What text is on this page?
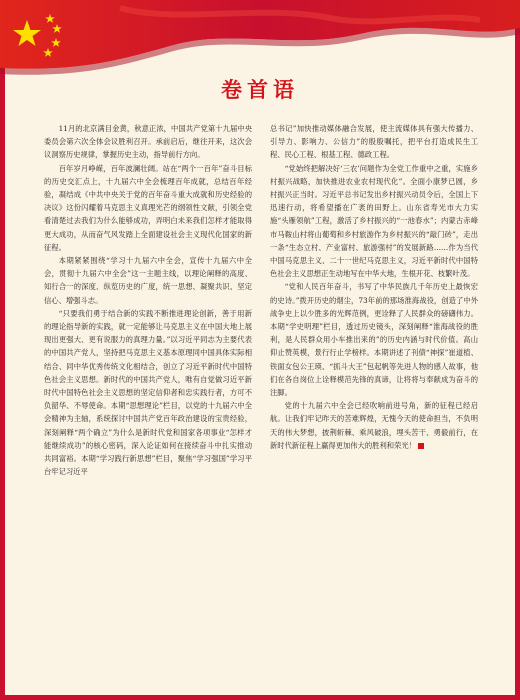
卷首语

11月的北京满目金黄，秋意正浓，中国共产党第十九届中央委员会第六次全体会议胜利召开。承前启后，继往开来，这次会议洞察历史规律，掌握历史主动，指导前行方向。

百年岁月峥嵘，百年波澜壮阔。站在“两个一百年”奋斗目标的历史交汇点上，十九届六中全会梳理百年成就，总结百年经验，凝结成《中共中央关于党的百年奋斗重大成就和历史经验的决议》这份闪耀着马克思主义真理光芒的纲领性文献，引领全党看清楚过去我们为什么能够成功，弄明白未来我们怎样才能取得更大成功，从而奋气风发踏上全面建设社会主义现代化国家的新征程。

本期紧紧围绕“学习十九届六中全会，宣传十九届六中全会，贯彻十九届六中全会”这一主题主线，以理论阐释的高度、知行合一的深度、纵览历史的广度，统一思想、凝聚共识、坚定信心、增强斗志。

“只要我们勇于结合新的实践不断推进理论创新，善于用新的理论指导新的实践，就一定能够让马克思主义在中国大地上展现出更强大、更有说服力的真理力量。”以习近平同志为主要代表的中国共产党人，坚持把马克思主义基本原理同中国具体实际相结合、同中华优秀传统文化相结合，创立了习近平新时代中国特色社会主义思想。新时代的中国共产党人，唯有自觉做习近平新时代中国特色社会主义思想的坚定信仰者和忠实践行者，方可不负韶华、不辱使命。本期“思想理论”栏目，以党的十九届六中全会精神为主轴，系统探讨中国共产党百年政治建设的宝贵经验，深刻阐释“两个确立”为什么是新时代党和国家各项事业“怎样才能继续成功”的核心密码，深入论证如何在接续奋斗中扎实推动共同富裕。本期“学习践行新思想”栏目，聚焦“学习强国”学习平台牢记习近平

总书记”加快推动媒体融合发展，使主流媒体具有强大传播力、引导力、影响力、公信力”的殷殷嘱托，把平台打造成民生工程、民心工程、根基工程、德政工程。

“党始终把解决好‘三农’问题作为全党工作重中之重，实施乡村振兴战略，加快推进农业农村现代化”。全面小康梦已圆，乡村振兴正当时。习近平总书记发出乡村振兴动员令后，全国上下迅速行动，将希望播在广袤的田野上。山东省寿光市大力实施“头雁领航”工程，激活了乡村振兴的“一池春水”；内蒙古赤峰市马鞍山村将山葡萄和乡村旅游作为乡村振兴的“敲门砖”，走出一条“生态立村、产业富村、旅游强村”的发展新路……作为当代中国马克思主义、二十一世纪马克思主义，习近平新时代中国特色社会主义思想正生动地写在中华大地，生根开花、枝繁叶茂。

“党和人民百年奋斗，书写了中华民族几千年历史上最恢宏的史诗。”拨开历史的烟尘，73年前的那场淮海战役，创造了中外战争史上以少胜多的光辉范例，更诠释了人民群众的磅礴伟力。本期“学史明理”栏目，透过历史镜头，深刻阐释“淮海战役的胜利，是人民群众用小车推出来的”的历史内涵与时代价值。高山仰止赞英模，景行行止学榜样。本期讲述了刊债“神探”崔道植、铁面女包公王瑛、“抓斗大王”包起帆等先进人物的感人故事，他们在各自岗位上诠释模范先锋的真谛，让将将与奉献成为奋斗的注脚。

党的十九届六中全会已经吹响前进号角，新的征程已经启航。让我们牢记昨天的苦难辉煌，无愧今天的使命担当，不负明天的伟大梦想，披荆斩棘、乘风破浪，埋头苦干、勇毅前行，在新时代新征程上赢得更加伟大的胜利和荣光！
